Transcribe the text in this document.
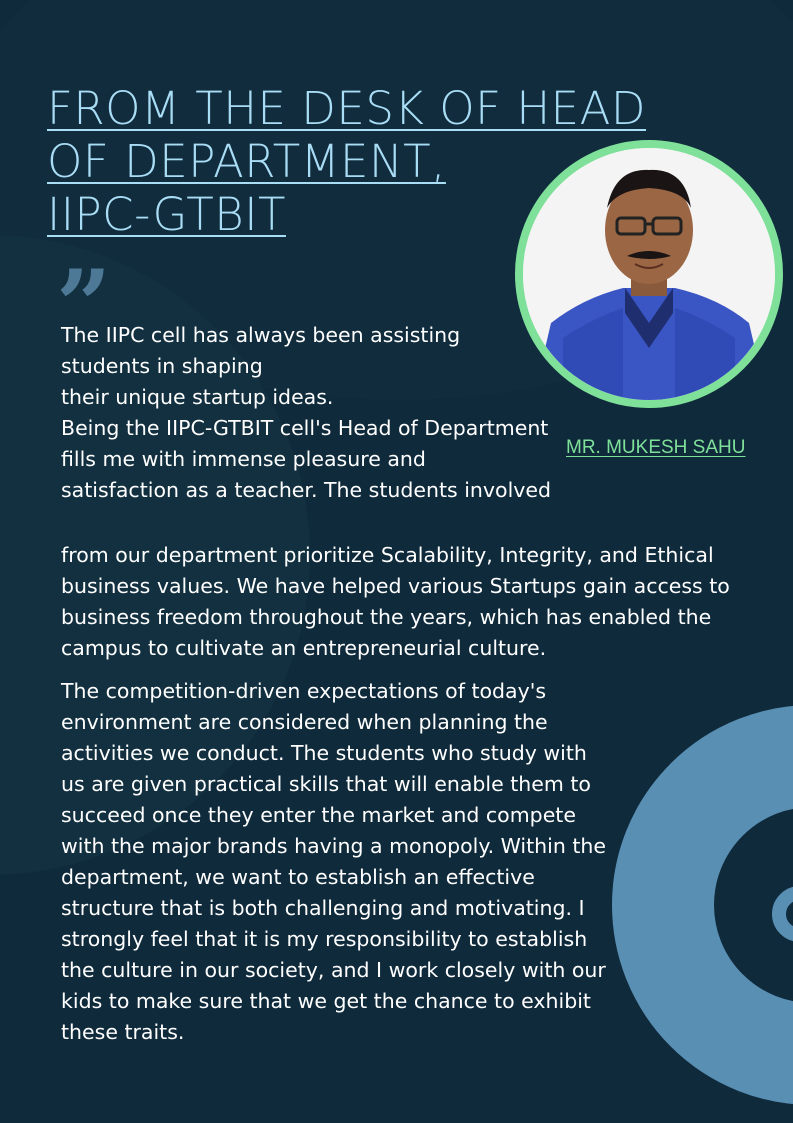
FROM THE DESK OF HEAD
OF DEPARTMENT,
IIPC-GTBIT
”

MR. MUKESH SAHU

The IIPC cell has always been assisting
students in shaping
their unique startup ideas.
Being the IIPC-GTBIT cell's Head of Department
fills me with immense pleasure and
satisfaction as a teacher. The students involved

from our department prioritize Scalability, Integrity, and Ethical business values. We have helped various Startups gain access to business freedom throughout the years, which has enabled the campus to cultivate an entrepreneurial culture.

The competition-driven expectations of today's environment are considered when planning the activities we conduct. The students who study with us are given practical skills that will enable them to succeed once they enter the market and compete with the major brands having a monopoly. Within the department, we want to establish an effective structure that is both challenging and motivating. I strongly feel that it is my responsibility to establish the culture in our society, and I work closely with our kids to make sure that we get the chance to exhibit these traits.
